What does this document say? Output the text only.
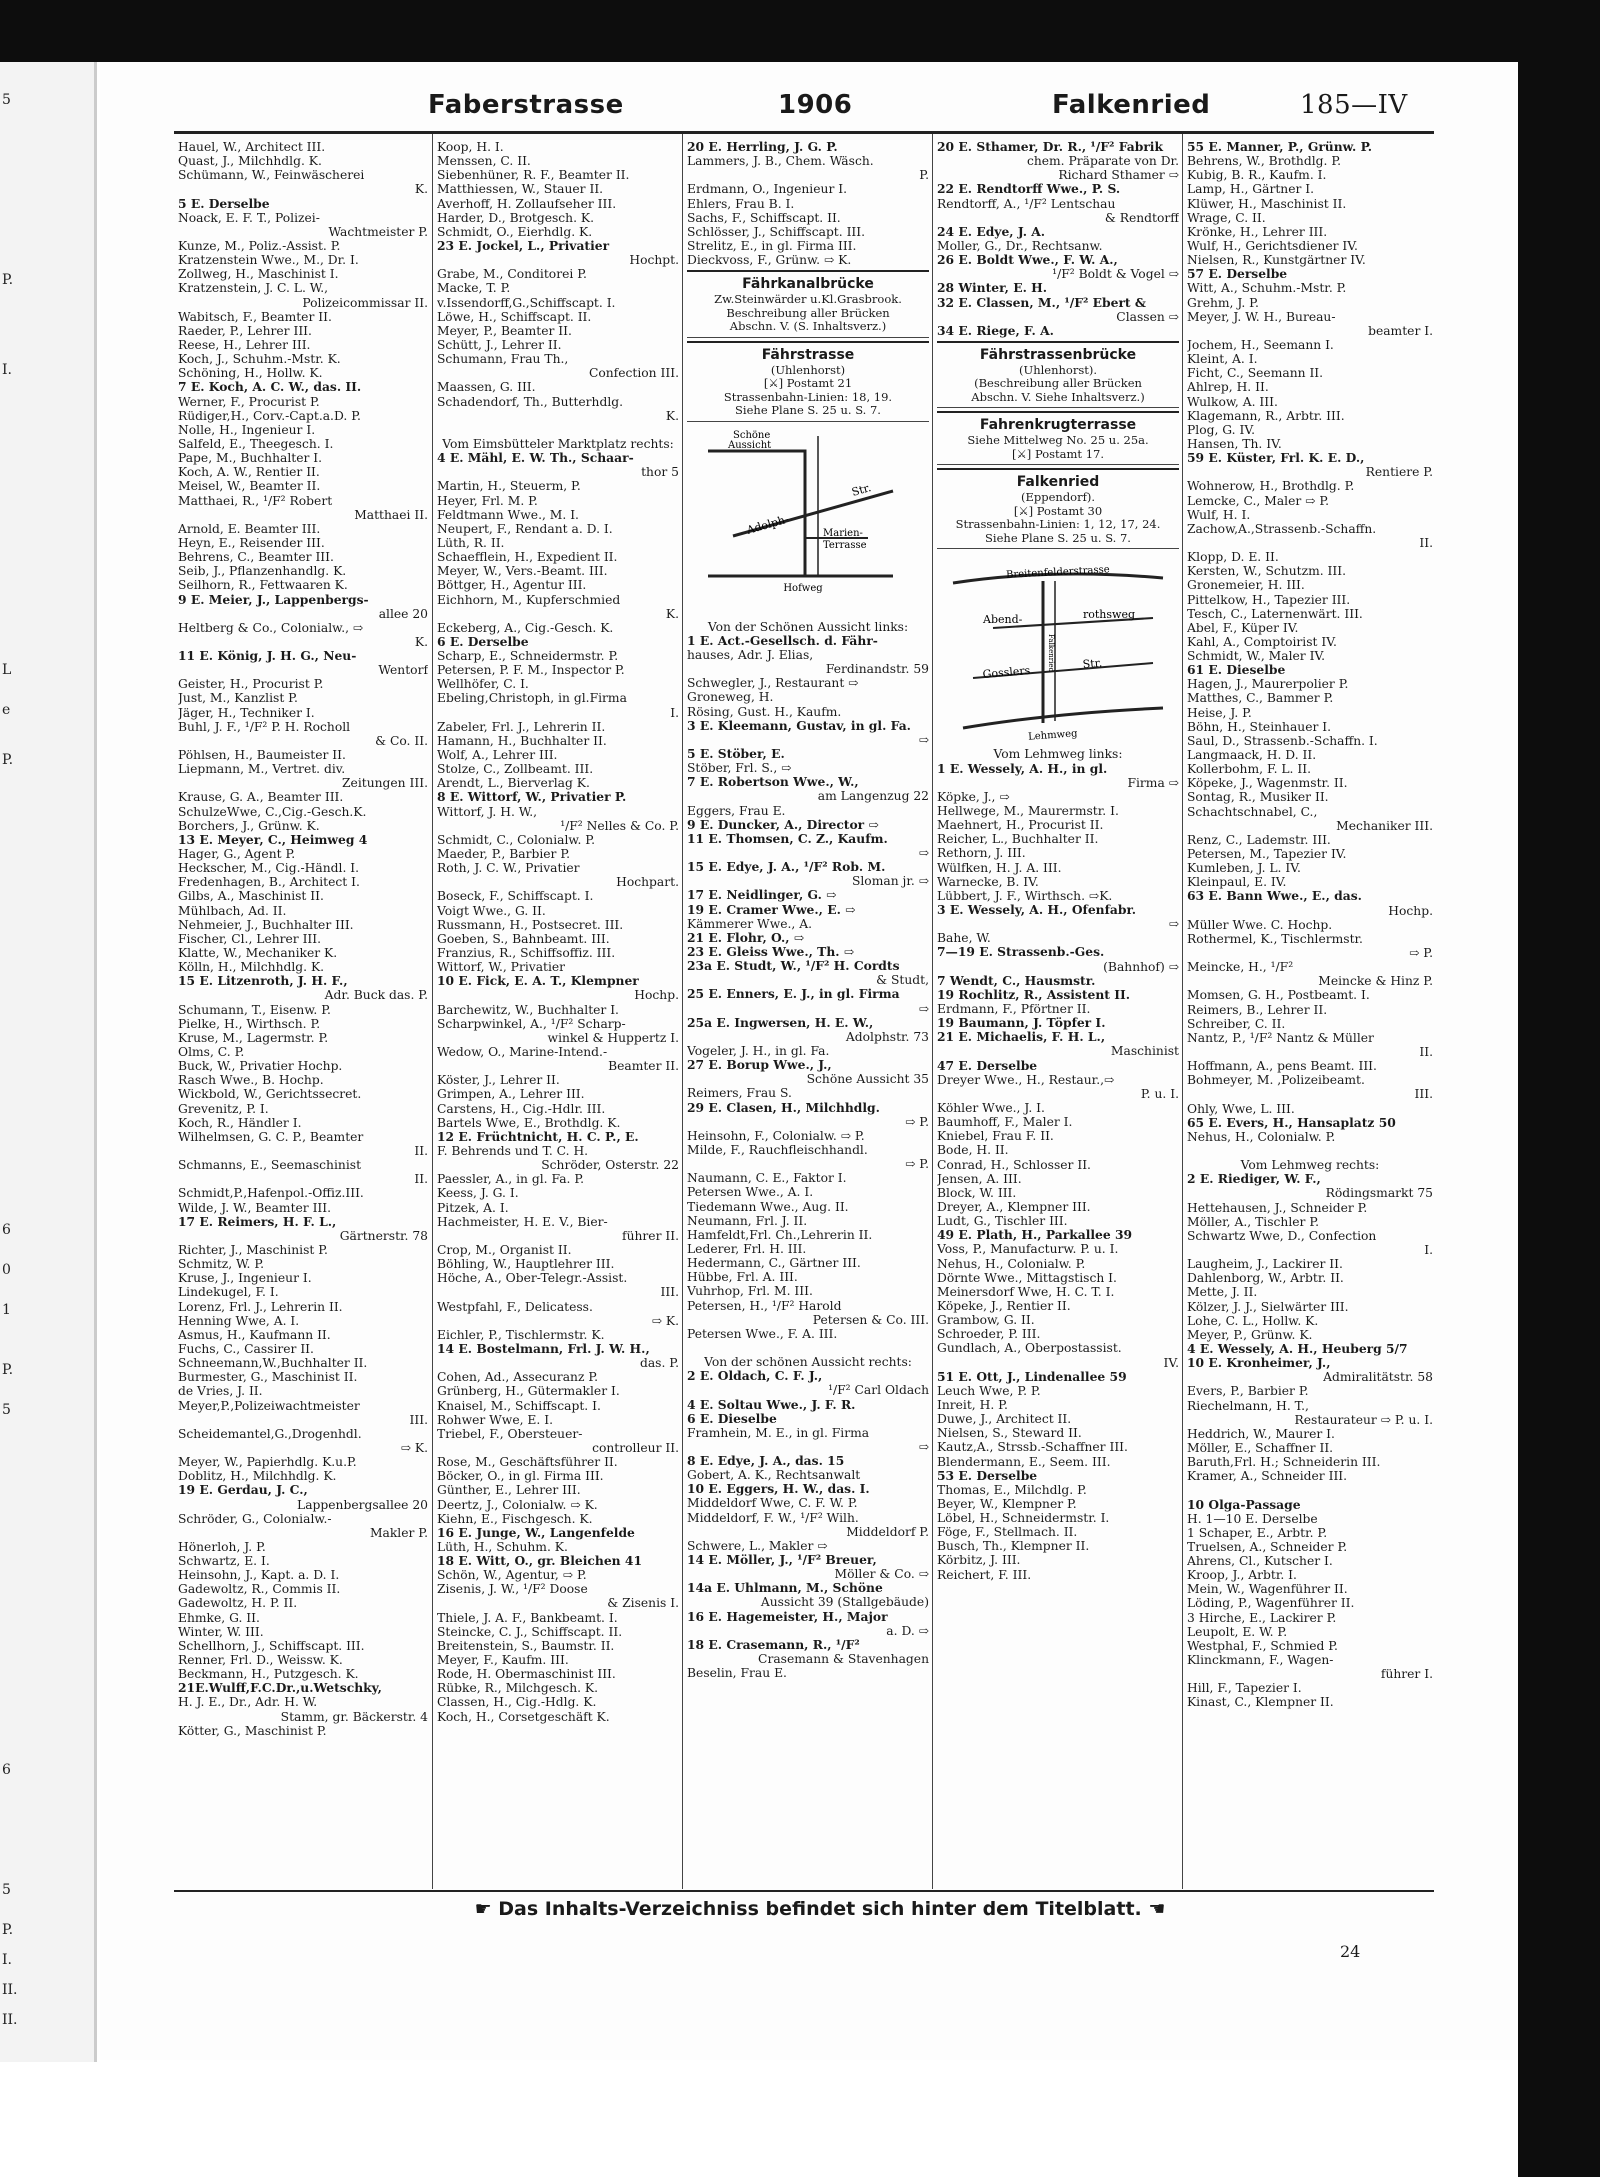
5
P.
I.
L
e
P.
6
0
1
P.
5
6
5
P.
I.
II.
II.
Faberstrasse	1906	Falkenried	185—IV
Hauel, W., Architect III.
Quast, J., Milchhdlg. K.
Schümann, W., Feinwäscherei
K.
5 E. Derselbe
Noack, E. F. T., Polizei-
Wachtmeister P.
Kunze, M., Poliz.-Assist. P.
Kratzenstein Wwe., M., Dr. I.
Zollweg, H., Maschinist I.
Kratzenstein, J. C. L. W.,
Polizeicommissar II.
Wabitsch, F., Beamter II.
Raeder, P., Lehrer III.
Reese, H., Lehrer III.
Koch, J., Schuhm.-Mstr. K.
Schöning, H., Hollw. K.
7 E. Koch, A. C. W., das. II.
Werner, F., Procurist P.
Rüdiger,H., Corv.-Capt.a.D. P.
Nolle, H., Ingenieur I.
Salfeld, E., Theegesch. I.
Pape, M., Buchhalter I.
Koch, A. W., Rentier II.
Meisel, W., Beamter II.
Matthaei, R., ¹/F² Robert
Matthaei II.
Arnold, E. Beamter III.
Heyn, E., Reisender III.
Behrens, C., Beamter III.
Seib, J., Pflanzenhandlg. K.
Seilhorn, R., Fettwaaren K.
9 E. Meier, J., Lappenbergs-
allee 20
Heltberg & Co., Colonialw., ⇨
K.
11 E. König, J. H. G., Neu-
Wentorf
Geister, H., Procurist P.
Just, M., Kanzlist P.
Jäger, H., Techniker I.
Buhl, J. F., ¹/F² P. H. Rocholl
& Co. II.
Pöhlsen, H., Baumeister II.
Liepmann, M., Vertret. div.
Zeitungen III.
Krause, G. A., Beamter III.
SchulzeWwe, C.,Cig.-Gesch.K.
Borchers, J., Grünw. K.
13 E. Meyer, C., Heimweg 4
Hager, G., Agent P.
Heckscher, M., Cig.-Händl. I.
Fredenhagen, B., Architect I.
Gilbs, A., Maschinist II.
Mühlbach, Ad. II.
Nehmeier, J., Buchhalter III.
Fischer, Cl., Lehrer III.
Klatte, W., Mechaniker K.
Kölln, H., Milchhdlg. K.
15 E. Litzenroth, J. H. F.,
Adr. Buck das. P.
Schumann, T., Eisenw. P.
Pielke, H., Wirthsch. P.
Kruse, M., Lagermstr. P.
Olms, C. P.
Buck, W., Privatier Hochp.
Rasch Wwe., B. Hochp.
Wickbold, W., Gerichtssecret.
Grevenitz, P. I.
Koch, R., Händler I.
Wilhelmsen, G. C. P., Beamter
II.
Schmanns, E., Seemaschinist
II.
Schmidt,P.,Hafenpol.-Offiz.III.
Wilde, J. W., Beamter III.
17 E. Reimers, H. F. L.,
Gärtnerstr. 78
Richter, J., Maschinist P.
Schmitz, W. P.
Kruse, J., Ingenieur I.
Lindekugel, F. I.
Lorenz, Frl. J., Lehrerin II.
Henning Wwe, A. I.
Asmus, H., Kaufmann II.
Fuchs, C., Cassirer II.
Schneemann,W.,Buchhalter II.
Burmester, G., Maschinist II.
de Vries, J. II.
Meyer,P.,Polizeiwachtmeister
III.
Scheidemantel,G.,Drogenhdl.
⇨ K.
Meyer, W., Papierhdlg. K.u.P.
Doblitz, H., Milchhdlg. K.
19 E. Gerdau, J. C.,
Lappenbergsallee 20
Schröder, G., Colonialw.-
Makler P.
Hönerloh, J. P.
Schwartz, E. I.
Heinsohn, J., Kapt. a. D. I.
Gadewoltz, R., Commis II.
Gadewoltz, H. P. II.
Ehmke, G. II.
Winter, W. III.
Schellhorn, J., Schiffscapt. III.
Renner, Frl. D., Weissw. K.
Beckmann, H., Putzgesch. K.
21E.Wulff,F.C.Dr.,u.Wetschky,
H. J. E., Dr., Adr. H. W.
Stamm, gr. Bäckerstr. 4
Kötter, G., Maschinist P.
Koop, H. I.
Menssen, C. II.
Siebenhüner, R. F., Beamter II.
Matthiessen, W., Stauer II.
Averhoff, H. Zollaufseher III.
Harder, D., Brotgesch. K.
Schmidt, O., Eierhdlg. K.
23 E. Jockel, L., Privatier
Hochpt.
Grabe, M., Conditorei P.
Macke, T. P.
v.Issendorff,G.,Schiffscapt. I.
Löwe, H., Schiffscapt. II.
Meyer, P., Beamter II.
Schütt, J., Lehrer II.
Schumann, Frau Th.,
Confection III.
Maassen, G. III.
Schadendorf, Th., Butterhdlg.
K.
Vom Eimsbütteler Marktplatz rechts:
4 E. Mähl, E. W. Th., Schaar-
thor 5
Martin, H., Steuerm, P.
Heyer, Frl. M. P.
Feldtmann Wwe., M. I.
Neupert, F., Rendant a. D. I.
Lüth, R. II.
Schaefflein, H., Expedient II.
Meyer, W., Vers.-Beamt. III.
Böttger, H., Agentur III.
Eichhorn, M., Kupferschmied
K.
Eckeberg, A., Cig.-Gesch. K.
6 E. Derselbe
Scharp, E., Schneidermstr. P.
Petersen, P. F. M., Inspector P.
Wellhöfer, C. I.
Ebeling,Christoph, in gl.Firma
I.
Zabeler, Frl. J., Lehrerin II.
Hamann, H., Buchhalter II.
Wolf, A., Lehrer III.
Stolze, C., Zollbeamt. III.
Arendt, L., Bierverlag K.
8 E. Wittorf, W., Privatier P.
Wittorf, J. H. W.,
¹/F² Nelles & Co. P.
Schmidt, C., Colonialw. P.
Maeder, P., Barbier P.
Roth, J. C. W., Privatier
Hochpart.
Boseck, F., Schiffscapt. I.
Voigt Wwe., G. II.
Russmann, H., Postsecret. III.
Goeben, S., Bahnbeamt. III.
Franzius, R., Schiffsoffiz. III.
Wittorf, W., Privatier
10 E. Fick, E. A. T., Klempner
Hochp.
Barchewitz, W., Buchhalter I.
Scharpwinkel, A., ¹/F² Scharp-
winkel & Huppertz I.
Wedow, O., Marine-Intend.-
Beamter II.
Köster, J., Lehrer II.
Grimpen, A., Lehrer III.
Carstens, H., Cig.-Hdlr. III.
Bartels Wwe, E., Brothdlg. K.
12 E. Früchtnicht, H. C. P., E.
F. Behrends und T. C. H.
Schröder, Osterstr. 22
Paessler, A., in gl. Fa. P.
Keess, J. G. I.
Pitzek, A. I.
Hachmeister, H. E. V., Bier-
führer II.
Crop, M., Organist II.
Böhling, W., Hauptlehrer III.
Höche, A., Ober-Telegr.-Assist.
III.
Westpfahl, F., Delicatess.
⇨ K.
Eichler, P., Tischlermstr. K.
14 E. Bostelmann, Frl. J. W. H.,
das. P.
Cohen, Ad., Assecuranz P.
Grünberg, H., Gütermakler I.
Knaisel, M., Schiffscapt. I.
Rohwer Wwe, E. I.
Triebel, F., Obersteuer-
controlleur II.
Rose, M., Geschäftsführer II.
Böcker, O., in gl. Firma III.
Günther, E., Lehrer III.
Deertz, J., Colonialw. ⇨ K.
Kiehn, E., Fischgesch. K.
16 E. Junge, W., Langenfelde
Lüth, H., Schuhm. K.
18 E. Witt, O., gr. Bleichen 41
Schön, W., Agentur, ⇨ P.
Zisenis, J. W., ¹/F² Doose
& Zisenis I.
Thiele, J. A. F., Bankbeamt. I.
Steincke, C. J., Schiffscapt. II.
Breitenstein, S., Baumstr. II.
Meyer, F., Kaufm. III.
Rode, H. Obermaschinist III.
Rübke, R., Milchgesch. K.
Classen, H., Cig.-Hdlg. K.
Koch, H., Corsetgeschäft K.
20 E. Herrling, J. G. P.
Lammers, J. B., Chem. Wäsch.
P.
Erdmann, O., Ingenieur I.
Ehlers, Frau B. I.
Sachs, F., Schiffscapt. II.
Schlösser, J., Schiffscapt. III.
Strelitz, E., in gl. Firma III.
Dieckvoss, F., Grünw. ⇨ K.
Fährkanalbrücke
Zw.Steinwärder u.Kl.Grasbrook.
Beschreibung aller Brücken
Abschn. V. (S. Inhaltsverz.)
Fährstrasse
(Uhlenhorst)
[⚔] Postamt 21
Strassenbahn-Linien: 18, 19.
Siehe Plane S. 25 u. S. 7.
Schöne
Aussicht
Adolph-
Str.
Marien-
Terrasse
Hofweg
Von der Schönen Aussicht links:
1 E. Act.-Gesellsch. d. Fähr-
hauses, Adr. J. Elias,
Ferdinandstr. 59
Schwegler, J., Restaurant ⇨
Groneweg, H.
Rösing, Gust. H., Kaufm.
3 E. Kleemann, Gustav, in gl. Fa.
⇨
5 E. Stöber, E.
Stöber, Frl. S., ⇨
7 E. Robertson Wwe., W.,
am Langenzug 22
Eggers, Frau E.
9 E. Duncker, A., Director ⇨
11 E. Thomsen, C. Z., Kaufm.
⇨
15 E. Edye, J. A., ¹/F² Rob. M.
Sloman jr. ⇨
17 E. Neidlinger, G. ⇨
19 E. Cramer Wwe., E. ⇨
Kämmerer Wwe., A.
21 E. Flohr, O., ⇨
23 E. Gleiss Wwe., Th. ⇨
23a E. Studt, W., ¹/F² H. Cordts
& Studt,
25 E. Enners, E. J., in gl. Firma
⇨
25a E. Ingwersen, H. E. W.,
Adolphstr. 73
Vogeler, J. H., in gl. Fa.
27 E. Borup Wwe., J.,
Schöne Aussicht 35
Reimers, Frau S.
29 E. Clasen, H., Milchhdlg.
⇨ P.
Heinsohn, F., Colonialw. ⇨ P.
Milde, F., Rauchfleischhandl.
⇨ P.
Naumann, C. E., Faktor I.
Petersen Wwe., A. I.
Tiedemann Wwe., Aug. II.
Neumann, Frl. J. II.
Hamfeldt,Frl. Ch.,Lehrerin II.
Lederer, Frl. H. III.
Hedermann, C., Gärtner III.
Hübbe, Frl. A. III.
Vuhrhop, Frl. M. III.
Petersen, H., ¹/F² Harold
Petersen & Co. III.
Petersen Wwe., F. A. III.
Von der schönen Aussicht rechts:
2 E. Oldach, C. F. J.,
¹/F² Carl Oldach
4 E. Soltau Wwe., J. F. R.
6 E. Dieselbe
Framhein, M. E., in gl. Firma
⇨
8 E. Edye, J. A., das. 15
Gobert, A. K., Rechtsanwalt
10 E. Eggers, H. W., das. I.
Middeldorf Wwe, C. F. W. P.
Middeldorf, F. W., ¹/F² Wilh.
Middeldorf P.
Schwere, L., Makler ⇨
14 E. Möller, J., ¹/F² Breuer,
Möller & Co. ⇨
14a E. Uhlmann, M., Schöne
Aussicht 39 (Stallgebäude)
16 E. Hagemeister, H., Major
a. D. ⇨
18 E. Crasemann, R., ¹/F²
Crasemann & Stavenhagen
Beselin, Frau E.
20 E. Sthamer, Dr. R., ¹/F² Fabrik
chem. Präparate von Dr.
Richard Sthamer ⇨
22 E. Rendtorff Wwe., P. S.
Rendtorff, A., ¹/F² Lentschau
& Rendtorff
24 E. Edye, J. A.
Moller, G., Dr., Rechtsanw.
26 E. Boldt Wwe., F. W. A.,
¹/F² Boldt & Vogel ⇨
28 Winter, E. H.
32 E. Classen, M., ¹/F² Ebert &
Classen ⇨
34 E. Riege, F. A.
Fährstrassenbrücke
(Uhlenhorst).
(Beschreibung aller Brücken
Abschn. V. Siehe Inhaltsverz.)
Fahrenkrugterrasse
Siehe Mittelweg No. 25 u. 25a.
[⚔] Postamt 17.
Falkenried
(Eppendorf).
[⚔] Postamt 30
Strassenbahn-Linien: 1, 12, 17, 24.
Siehe Plane S. 25 u. S. 7.
Breitenfelderstrasse
Abend-	rothsweg
Gosslers
Str.
Lehmweg
Falkenried
Vom Lehmweg links:
1 E. Wessely, A. H., in gl.
Firma ⇨
Köpke, J., ⇨
Hellwege, M., Maurermstr. I.
Maehnert, H., Procurist II.
Reicher, L., Buchhalter II.
Rethorn, J. III.
Wülfken, H. J. A. III.
Warnecke, B. IV.
Lübbert, J. F., Wirthsch. ⇨K.
3 E. Wessely, A. H., Ofenfabr.
⇨
Bahe, W.
7—19 E. Strassenb.-Ges.
(Bahnhof) ⇨
7 Wendt, C., Hausmstr.
19 Rochlitz, R., Assistent II.
Erdmann, F., Pförtner II.
19 Baumann, J. Töpfer I.
21 E. Michaelis, F. H. L.,
Maschinist
47 E. Derselbe
Dreyer Wwe., H., Restaur.,⇨
P. u. I.
Köhler Wwe., J. I.
Baumhoff, F., Maler I.
Kniebel, Frau F. II.
Bode, H. II.
Conrad, H., Schlosser II.
Jensen, A. III.
Block, W. III.
Dreyer, A., Klempner III.
Ludt, G., Tischler III.
49 E. Plath, H., Parkallee 39
Voss, P., Manufacturw. P. u. I.
Nehus, H., Colonialw. P.
Dörnte Wwe., Mittagstisch I.
Meinersdorf Wwe, H. C. T. I.
Köpeke, J., Rentier II.
Grambow, G. II.
Schroeder, P. III.
Gundlach, A., Oberpostassist.
IV.
51 E. Ott, J., Lindenallee 59
Leuch Wwe, P. P.
Inreit, H. P.
Duwe, J., Architect II.
Nielsen, S., Steward II.
Kautz,A., Strssb.-Schaffner III.
Blendermann, E., Seem. III.
53 E. Derselbe
Thomas, E., Milchdlg. P.
Beyer, W., Klempner P.
Löbel, H., Schneidermstr. I.
Föge, F., Stellmach. II.
Busch, Th., Klempner II.
Körbitz, J. III.
Reichert, F. III.
55 E. Manner, P., Grünw. P.
Behrens, W., Brothdlg. P.
Kubig, B. R., Kaufm. I.
Lamp, H., Gärtner I.
Klüwer, H., Maschinist II.
Wrage, C. II.
Krönke, H., Lehrer III.
Wulf, H., Gerichtsdiener IV.
Nielsen, R., Kunstgärtner IV.
57 E. Derselbe
Witt, A., Schuhm.-Mstr. P.
Grehm, J. P.
Meyer, J. W. H., Bureau-
beamter I.
Jochem, H., Seemann I.
Kleint, A. I.
Ficht, C., Seemann II.
Ahlrep, H. II.
Wulkow, A. III.
Klagemann, R., Arbtr. III.
Plog, G. IV.
Hansen, Th. IV.
59 E. Küster, Frl. K. E. D.,
Rentiere P.
Wohnerow, H., Brothdlg. P.
Lemcke, C., Maler ⇨ P.
Wulf, H. I.
Zachow,A.,Strassenb.-Schaffn.
II.
Klopp, D. E. II.
Kersten, W., Schutzm. III.
Gronemeier, H. III.
Pittelkow, H., Tapezier III.
Tesch, C., Laternenwärt. III.
Abel, F., Küper IV.
Kahl, A., Comptoirist IV.
Schmidt, W., Maler IV.
61 E. Dieselbe
Hagen, J., Maurerpolier P.
Matthes, C., Bammer P.
Heise, J. P.
Böhn, H., Steinhauer I.
Saul, D., Strassenb.-Schaffn. I.
Langmaack, H. D. II.
Kollerbohm, F. L. II.
Köpeke, J., Wagenmstr. II.
Sontag, R., Musiker II.
Schachtschnabel, C.,
Mechaniker III.
Renz, C., Lademstr. III.
Petersen, M., Tapezier IV.
Kumleben, J. L. IV.
Kleinpaul, E. IV.
63 E. Bann Wwe., E., das.
Hochp.
Müller Wwe. C. Hochp.
Rothermel, K., Tischlermstr.
⇨ P.
Meincke, H., ¹/F²
Meincke & Hinz P.
Momsen, G. H., Postbeamt. I.
Reimers, B., Lehrer II.
Schreiber, C. II.
Nantz, P., ¹/F² Nantz & Müller
II.
Hoffmann, A., pens Beamt. III.
Bohmeyer, M. ,Polizeibeamt.
III.
Ohly, Wwe, L. III.
65 E. Evers, H., Hansaplatz 50
Nehus, H., Colonialw. P.
Vom Lehmweg rechts:
2 E. Riediger, W. F.,
Rödingsmarkt 75
Hettehausen, J., Schneider P.
Möller, A., Tischler P.
Schwartz Wwe, D., Confection
I.
Laugheim, J., Lackirer II.
Dahlenborg, W., Arbtr. II.
Mette, J. II.
Kölzer, J. J., Sielwärter III.
Lohe, C. L., Hollw. K.
Meyer, P., Grünw. K.
4 E. Wessely, A. H., Heuberg 5/7
10 E. Kronheimer, J.,
Admiralitätstr. 58
Evers, P., Barbier P.
Riechelmann, H. T.,
Restaurateur ⇨ P. u. I.
Heddrich, W., Maurer I.
Möller, E., Schaffner II.
Baruth,Frl. H.; Schneiderin III.
Kramer, A., Schneider III.
10 Olga-Passage
H. 1—10 E. Derselbe
1 Schaper, E., Arbtr. P.
Truelsen, A., Schneider P.
Ahrens, Cl., Kutscher I.
Kroop, J., Arbtr. I.
Mein, W., Wagenführer II.
Löding, P., Wagenführer II.
3 Hirche, E., Lackirer P.
Leupolt, E. W. P.
Westphal, F., Schmied P.
Klinckmann, F., Wagen-
führer I.
Hill, F., Tapezier I.
Kinast, C., Klempner II.
☛ Das Inhalts-Verzeichniss befindet sich hinter dem Titelblatt. ☚
24
